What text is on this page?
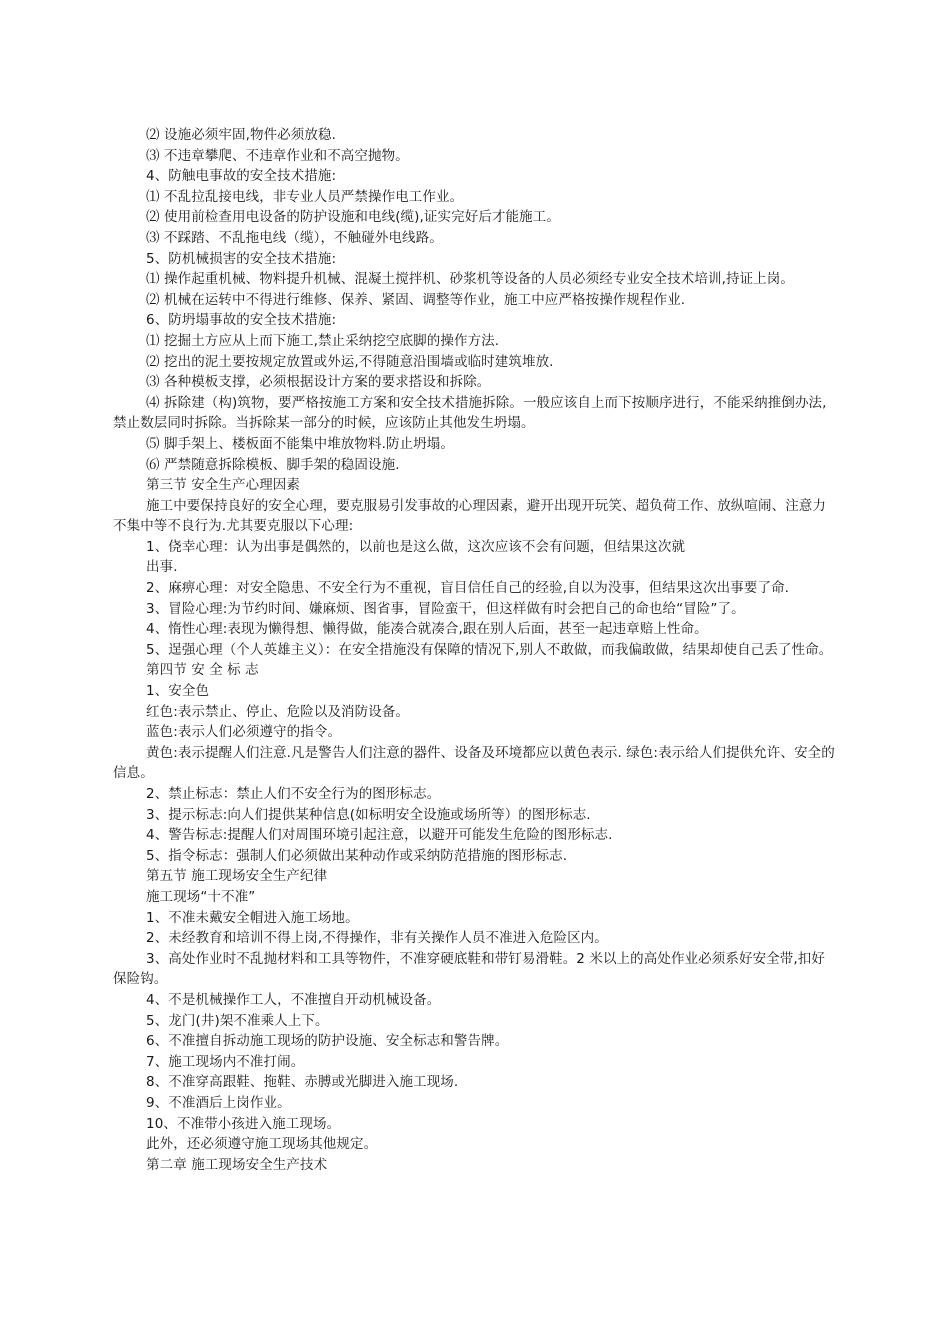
⑵ 设施必须牢固,物件必须放稳.

⑶ 不违章攀爬、不违章作业和不高空抛物。

4、防触电事故的安全技术措施:

⑴ 不乱拉乱接电线，非专业人员严禁操作电工作业。

⑵ 使用前检查用电设备的防护设施和电线(缆),证实完好后才能施工。

⑶ 不踩踏、不乱拖电线（缆），不触碰外电线路。

5、防机械损害的安全技术措施:

⑴ 操作起重机械、物料提升机械、混凝土搅拌机、砂浆机等设备的人员必须经专业安全技术培训,持证上岗。

⑵ 机械在运转中不得进行维修、保养、紧固、调整等作业，施工中应严格按操作规程作业.

6、防坍塌事故的安全技术措施:

⑴ 挖掘土方应从上而下施工,禁止采纳挖空底脚的操作方法.

⑵ 挖出的泥土要按规定放置或外运,不得随意沿围墙或临时建筑堆放.

⑶ 各种模板支撑，必须根据设计方案的要求搭设和拆除。

⑷ 拆除建（构)筑物，要严格按施工方案和安全技术措施拆除。一般应该自上而下按顺序进行，不能采纳推倒办法,禁止数层同时拆除。当拆除某一部分的时候，应该防止其他发生坍塌。

⑸ 脚手架上、楼板面不能集中堆放物料.防止坍塌。

⑹ 严禁随意拆除模板、脚手架的稳固设施.

第三节 安全生产心理因素

施工中要保持良好的安全心理，要克服易引发事故的心理因素，避开出现开玩笑、超负荷工作、放纵喧闹、注意力不集中等不良行为.尤其要克服以下心理:

1、侥幸心理：认为出事是偶然的，以前也是这么做，这次应该不会有问题，但结果这次就

出事.

2、麻痹心理：对安全隐患、不安全行为不重视，盲目信任自己的经验,自以为没事，但结果这次出事要了命.

3、冒险心理:为节约时间、嫌麻烦、图省事，冒险蛮干，但这样做有时会把自己的命也给“冒险”了。

4、惰性心理:表现为懒得想、懒得做，能凑合就凑合,跟在别人后面，甚至一起违章赔上性命。

5、逞强心理（个人英雄主义）：在安全措施没有保障的情况下,别人不敢做，而我偏敢做，结果却使自己丢了性命。

第四节 安 全 标 志

1、安全色

红色:表示禁止、停止、危险以及消防设备。

蓝色:表示人们必须遵守的指令。

黄色:表示提醒人们注意.凡是警告人们注意的器件、设备及环境都应以黄色表示. 绿色:表示给人们提供允许、安全的信息。

2、禁止标志：禁止人们不安全行为的图形标志。

3、提示标志:向人们提供某种信息(如标明安全设施或场所等）的图形标志.

4、警告标志:提醒人们对周围环境引起注意，以避开可能发生危险的图形标志.

5、指令标志：强制人们必须做出某种动作或采纳防范措施的图形标志.

第五节 施工现场安全生产纪律

施工现场“十不准”

1、不准未戴安全帽进入施工场地。

2、未经教育和培训不得上岗,不得操作，非有关操作人员不准进入危险区内。

3、高处作业时不乱抛材料和工具等物件，不准穿硬底鞋和带钉易滑鞋。2 米以上的高处作业必须系好安全带,扣好保险钩。

4、不是机械操作工人，不准擅自开动机械设备。

5、龙门(井)架不准乘人上下。

6、不准擅自拆动施工现场的防护设施、安全标志和警告牌。

7、施工现场内不准打闹。

8、不准穿高跟鞋、拖鞋、赤膊或光脚进入施工现场.

9、不准酒后上岗作业。

10、不准带小孩进入施工现场。

此外，还必须遵守施工现场其他规定。

第二章 施工现场安全生产技术
